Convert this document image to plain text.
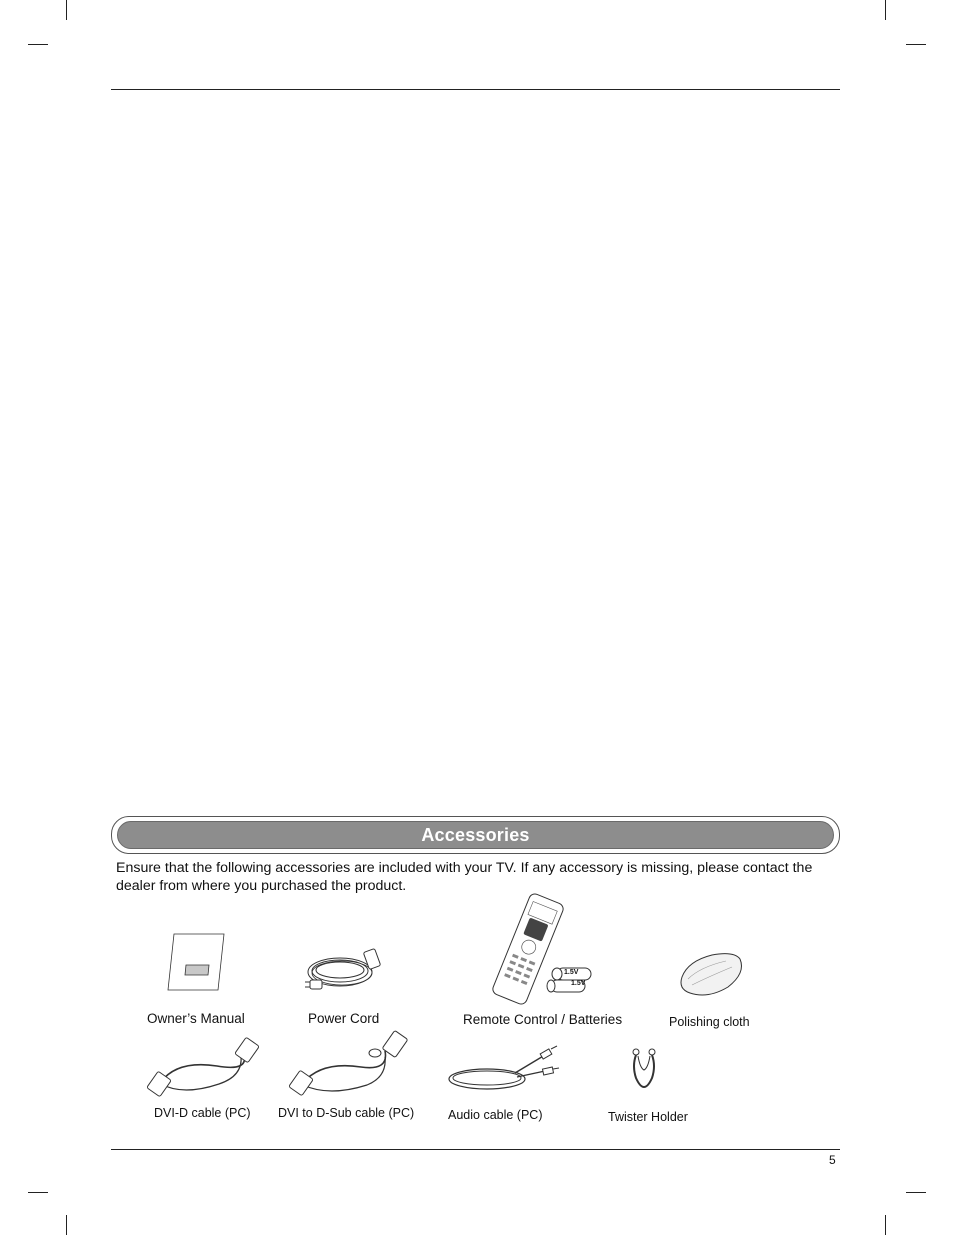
Accessories
Ensure that the following accessories are included with your TV. If any accessory is missing, please contact the dealer from where you purchased the product.
Owner’s Manual	Power Cord
1.5V
1.5V
Remote Control / Batteries	Polishing cloth
DVI-D cable (PC) DVI to D-Sub cable (PC)	Audio cable (PC)	Twister Holder
5
